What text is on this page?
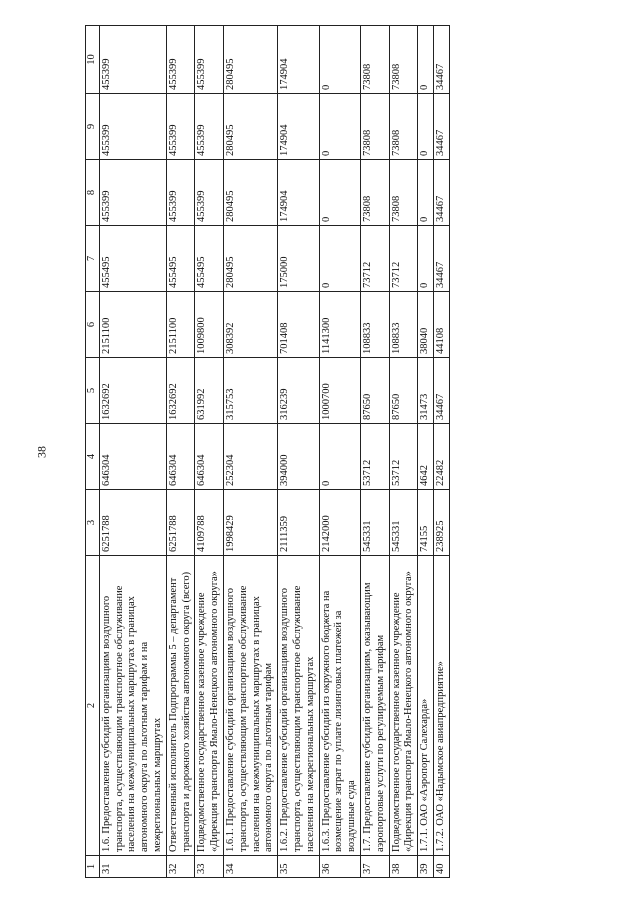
38
1	2	3	4	5	6	7	8	9	10
31	1.6. Предоставление субсидий организациям воздушного транспорта, осуществляющим транспортное обслуживание населения на межмуниципальных маршрутах в границах автономного округа по льготным тарифам и на межрегиональных маршрутах	6251788	646304	1632692	2151100	455495	455399	455399	455399
32	Ответственный исполнитель Подпрограммы 5 – департамент транспорта и дорожного хозяйства автономного округа (всего)	6251788	646304	1632692	2151100	455495	455399	455399	455399
33	Подведомственное государственное казенное учреждение «Дирекция транспорта Ямало-Ненецкого автономного округа»	4109788	646304	631992	1009800	455495	455399	455399	455399
34	1.6.1. Предоставление субсидий организациям воздушного транспорта, осуществляющим транспортное обслуживание населения на межмуниципальных маршрутах в границах автономного округа по льготным тарифам	1998429	252304	315753	308392	280495	280495	280495	280495
35	1.6.2. Предоставление субсидий организациям воздушного транспорта, осуществляющим транспортное обслуживание населения на межрегиональных маршрутах	2111359	394000	316239	701408	175000	174904	174904	174904
36	1.6.3. Предоставление субсидий из окружного бюджета на возмещение затрат по уплате лизинговых платежей за воздушные суда	2142000	0	1000700	1141300	0	0	0	0
37	1.7. Предоставление субсидий организациям, оказывающим аэропортовые услуги по регулируемым тарифам	545331	53712	87650	108833	73712	73808	73808	73808
38	Подведомственное государственное казенное учреждение «Дирекция транспорта Ямало-Ненецкого автономного округа»	545331	53712	87650	108833	73712	73808	73808	73808
39	1.7.1. ОАО «Аэропорт Салехарда»	74155	4642	31473	38040	0	0	0	0
40	1.7.2. ОАО «Надымское авиапредприятие»	238925	22482	34467	44108	34467	34467	34467	34467
